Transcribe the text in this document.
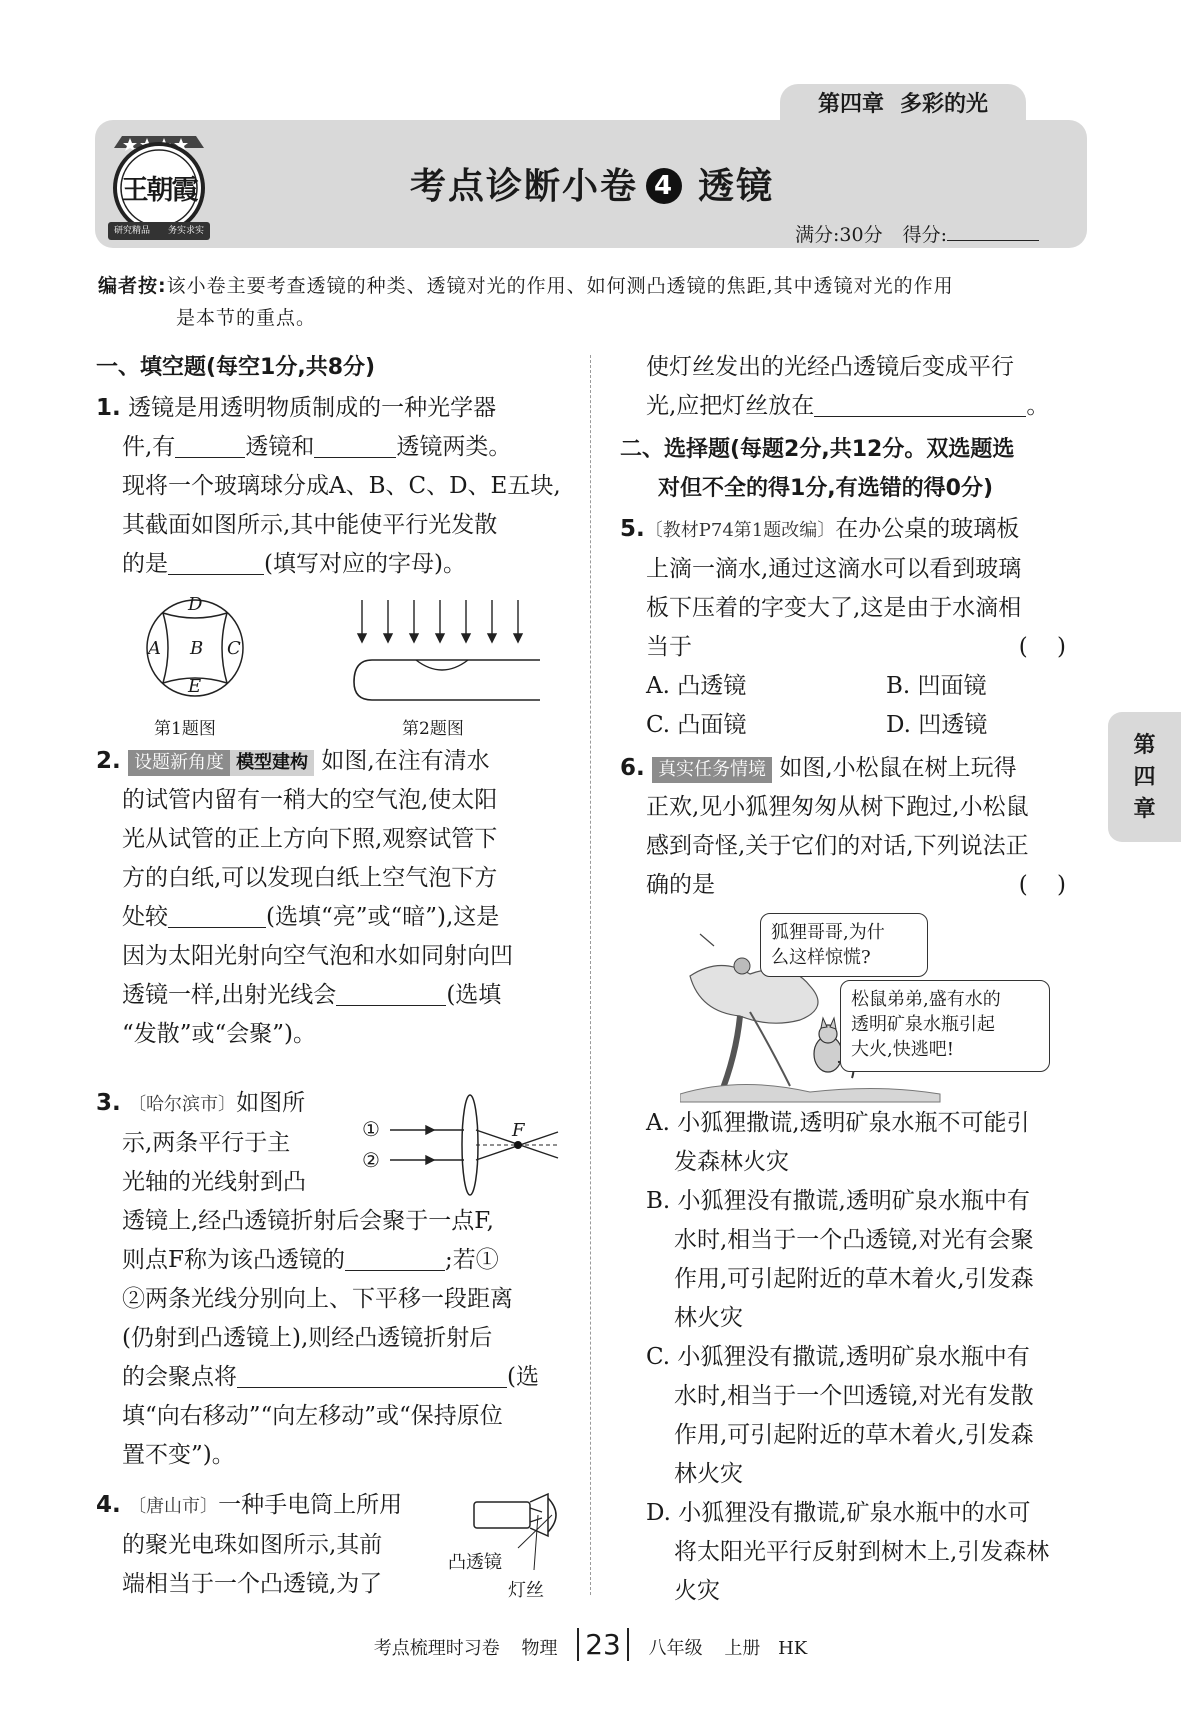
第四章 多彩的光
王朝霞
研究精品	务实求实
考点诊断小卷 4 透镜
满分:30分 得分:
编者按:该小卷主要考查透镜的种类、透镜对光的作用、如何测凸透镜的焦距,其中透镜对光的作用
是本节的重点。
一、填空题(每空1分,共8分)
1. 透镜是用透明物质制成的一种光学器
件,有	透镜和	透镜两类。
现将一个玻璃球分成A、B、C、D、E五块,
其截面如图所示,其中能使平行光发散
的是	(填写对应的字母)。
D
A B C
E
第1题图	第2题图
2. 设题新角度 模型建构 如图,在注有清水
的试管内留有一稍大的空气泡,使太阳
光从试管的正上方向下照,观察试管下
方的白纸,可以发现白纸上空气泡下方
处较	(选填“亮”或“暗”),这是
因为太阳光射向空气泡和水如同射向凹
透镜一样,出射光线会	(选填
“发散”或“会聚”)。
3. 〔哈尔滨市〕如图所
示,两条平行于主
光轴的光线射到凸
透镜上,经凸透镜折射后会聚于一点F,
则点F称为该凸透镜的	;若①
②两条光线分别向上、下平移一段距离
(仍射到凸透镜上),则经凸透镜折射后
的会聚点将	(选
填“向右移动”“向左移动”或“保持原位
置不变”)。
①
②
F
4. 〔唐山市〕一种手电筒上所用
的聚光电珠如图所示,其前
端相当于一个凸透镜,为了
凸透镜
灯丝
使灯丝发出的光经凸透镜后变成平行
光,应把灯丝放在	。
二、选择题(每题2分,共12分。双选题选
对但不全的得1分,有选错的得0分)
5.〔教材P74第1题改编〕在办公桌的玻璃板
上滴一滴水,通过这滴水可以看到玻璃
板下压着的字变大了,这是由于水滴相
当于	(    )
A. 凸透镜	B. 凹面镜
C. 凸面镜	D. 凹透镜
6. 真实任务情境 如图,小松鼠在树上玩得
正欢,见小狐狸匆匆从树下跑过,小松鼠
感到奇怪,关于它们的对话,下列说法正
确的是	(    )
狐狸哥哥,为什
么这样惊慌?
松鼠弟弟,盛有水的
透明矿泉水瓶引起
大火,快逃吧!
A. 小狐狸撒谎,透明矿泉水瓶不可能引
发森林火灾
B. 小狐狸没有撒谎,透明矿泉水瓶中有
水时,相当于一个凸透镜,对光有会聚
作用,可引起附近的草木着火,引发森
林火灾
C. 小狐狸没有撒谎,透明矿泉水瓶中有
水时,相当于一个凹透镜,对光有发散
作用,可引起附近的草木着火,引发森
林火灾
D. 小狐狸没有撒谎,矿泉水瓶中的水可
将太阳光平行反射到树木上,引发森林
火灾
第
四
章
考点梳理时习卷 物理 23 八年级 上册 HK
